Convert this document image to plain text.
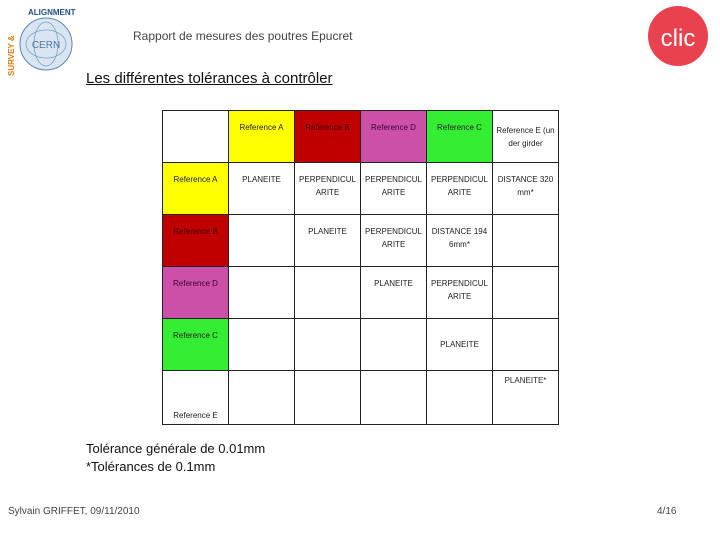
CERN
ALIGNMENT
SURVEY &	clic
Rapport de mesures des poutres Epucret
Les différentes tolérances à contrôler

	Reference A	Reference B	Reference D	Reference C	Reference E (under girder

Reference A	PLANEITE	PERPENDICULARITE	PERPENDICULARITE	PERPENDICULARITE	DISTANCE 320mm*

Reference B		PLANEITE	PERPENDICULARITE	DISTANCE 1946mm*	

Reference D			PLANEITE	PERPENDICULARITE	

Reference C				PLANEITE	

Reference E					PLANEITE*
Tolérance générale de 0.01mm
*Tolérances de 0.1mm
Sylvain GRIFFET, 09/11/2010	4/16
